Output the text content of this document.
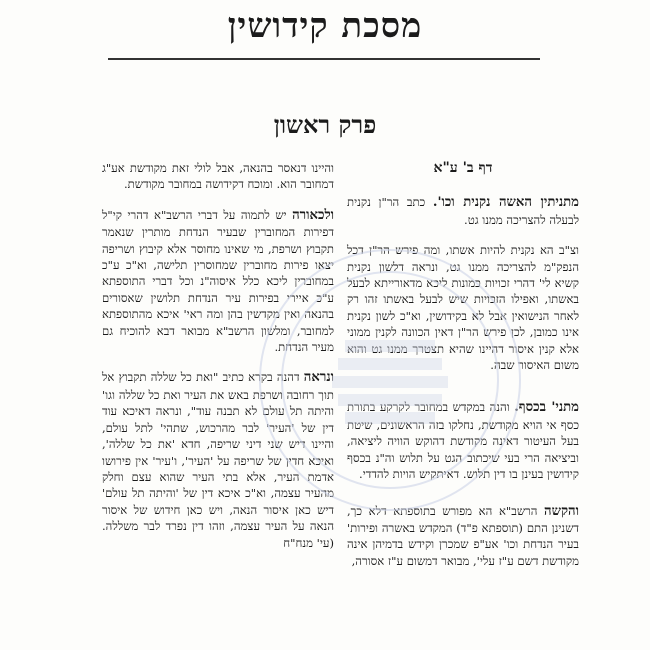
מסכת קידושין
פרק ראשון
דף ב' ע"א

מתניתין האשה נקנית וכו'. כתב הר"ן נקנית לבעלה להצריכה ממנו גט.

וצ"ב הא נקנית להיות אשתו, ומה פירש הר"ן דכל הנפק"מ להצריכה ממנו גט, ונראה דלשון נקנית קשיא לי' דהרי זכויות כמונות ליכא מדאורייתא לבעל באשתו, ואפילו הזכויות שיש לבעל באשתו זהו רק לאחר הנישואין אבל לא בקידושין, וא"כ לשון נקנית אינו כמובן, לכן פירש הר"ן דאין הכוונה לקנין ממוני אלא קנין איסור דהיינו שהיא תצטרך ממנו גט והוא משום האיסור שבה.

מתני' בכסף. והנה במקדש במחובר לקרקע בתורת כסף אי הויא מקודשת, נחלקו בזה הראשונים, שיטת בעל העיטור דאינה מקודשת דהוקש הוויה ליציאה, וביציאה הרי בעי שיכתוב הגט על תלוש וה"נ בכסף קידושין בעינן בו דין תלוש. דאיתקיש הויות להדדי.

והקשה הרשב"א הא מפורש בתוספתא דלא כך, דשנינן התם (תוספתא פ"ד) המקדש באשרה ופירות' בעיר הנדחת וכו' אע"פ שמכרן וקידש בדמיהן אינה מקודשת דשם ע"ז עלי', מבואר דמשום ע"ז אסורה,

והיינו דנאסר בהנאה, אבל לולי זאת מקודשת אע"ג דמחובר הוא. ומוכח דקידושה במחובר מקודשת.

ולכאורה יש לתמוה על דברי הרשב"א דהרי קי"ל דפירות המחוברין שבעיר הנדחת מותרין שנאמר תקבוץ ושרפת, מי שאינו מחוסר אלא קיבוץ ושריפה יצאו פירות מחוברין שמחוסרין תלישה, וא"כ ע"כ במחוברין ליכא כלל איסוה"נ וכל דברי התוספתא ע"כ איירי בפירות עיר הנדחת תלושין שאסורים בהנאה ואין מקדשין בהן ומה ראי' איכא מהתוספתא למחובר, ומלשון הרשב"א מבואר דבא להוכיח גם מעיר הנדחת.

ונראה דהנה בקרא כתיב "ואת כל שללה תקבוץ אל תוך רחובה ושרפת באש את העיר ואת כל שללה וגו' והיתה תל עולם לא תבנה עוד", ונראה דאיכא עוד דין של 'העיר' לבר מהרכוש, שתהי' לתל עולם, והיינו דיש שני דיני שריפה, חדא 'את כל שללה', ואיכא חדין של שריפה על 'העיר', ו'עיר' אין פירושו אדמת העיר, אלא בתי העיר שהוא עצם וחלק מהעיר עצמה, וא"כ איכא דין של 'והיתה תל עולם' דיש כאן איסור הנאה, ויש כאן חידוש של איסור הנאה על העיר עצמה, וזהו דין נפרד לבר משללה. (עי' מנח"ח
